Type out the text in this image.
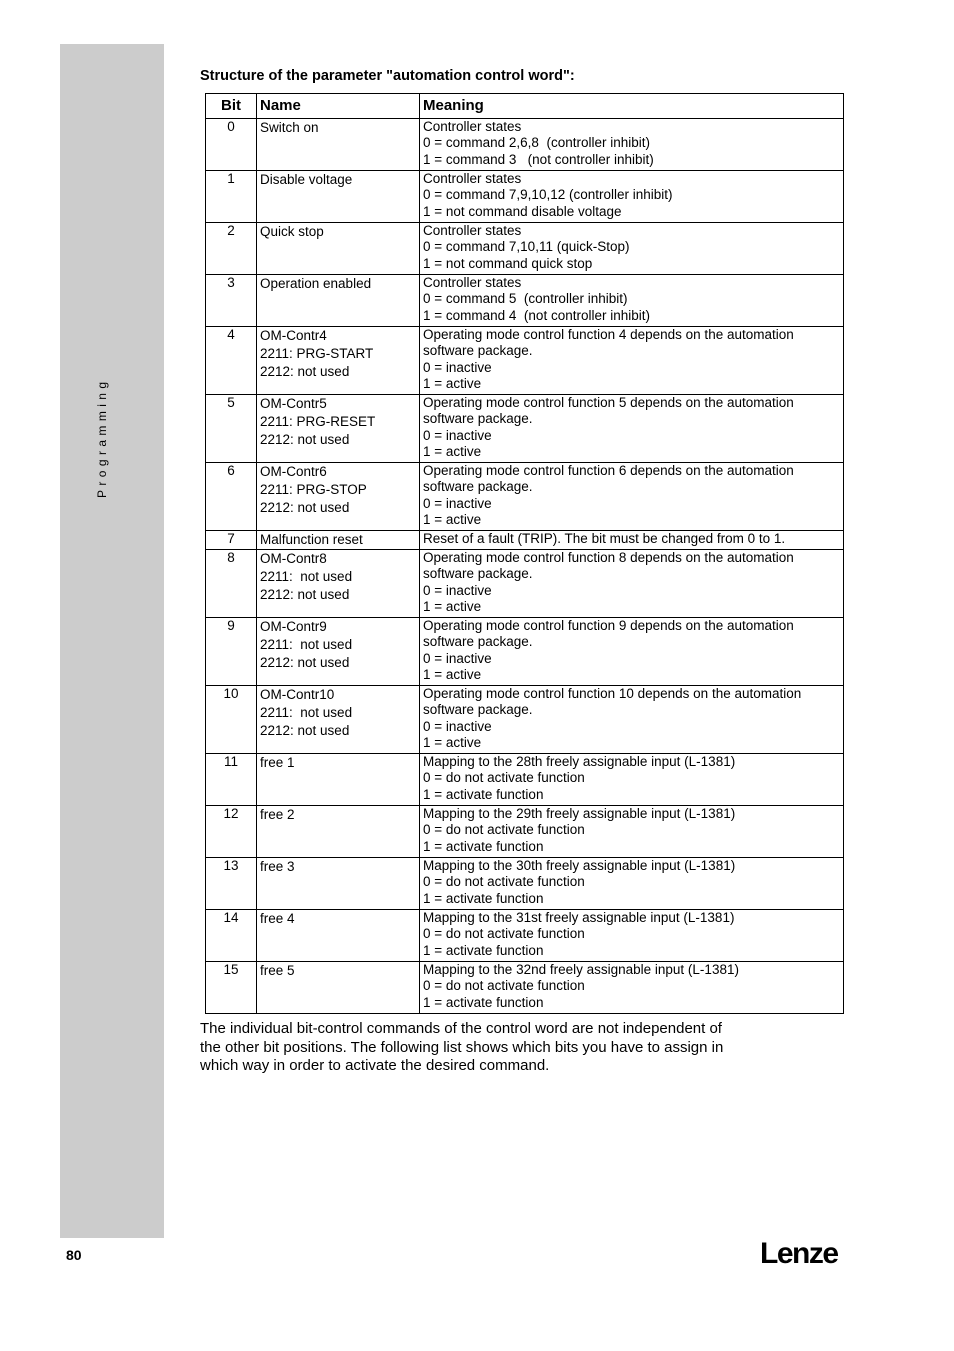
Programming
Structure of the parameter "automation control word":
Bit	Name	Meaning
0	Switch on	Controller states
0 = command 2,6,8  (controller inhibit)
1 = command 3   (not controller inhibit)

1	Disable voltage	Controller states
0 = command 7,9,10,12 (controller inhibit)
1 = not command disable voltage

2	Quick stop	Controller states
0 = command 7,10,11 (quick-Stop)
1 = not command quick stop

3	Operation enabled	Controller states
0 = command 5  (controller inhibit)
1 = command 4  (not controller inhibit)

4	OM-Contr4
2211: PRG-START
2212: not used	Operating mode control function 4 depends on the automation
software package.
0 = inactive
1 = active

5	OM-Contr5
2211: PRG-RESET
2212: not used	Operating mode control function 5 depends on the automation
software package.
0 = inactive
1 = active

6	OM-Contr6
2211: PRG-STOP
2212: not used	Operating mode control function 6 depends on the automation
software package.
0 = inactive
1 = active

7	Malfunction reset	Reset of a fault (TRIP). The bit must be changed from 0 to 1.

8	OM-Contr8
2211:  not used
2212: not used	Operating mode control function 8 depends on the automation
software package.
0 = inactive
1 = active

9	OM-Contr9
2211:  not used
2212: not used	Operating mode control function 9 depends on the automation
software package.
0 = inactive
1 = active

10	OM-Contr10
2211:  not used
2212: not used	Operating mode control function 10 depends on the automation
software package.
0 = inactive
1 = active

11	free 1	Mapping to the 28th freely assignable input (L-1381)
0 = do not activate function
1 = activate function

12	free 2	Mapping to the 29th freely assignable input (L-1381)
0 = do not activate function
1 = activate function

13	free 3	Mapping to the 30th freely assignable input (L-1381)
0 = do not activate function
1 = activate function

14	free 4	Mapping to the 31st freely assignable input (L-1381)
0 = do not activate function
1 = activate function

15	free 5	Mapping to the 32nd freely assignable input (L-1381)
0 = do not activate function
1 = activate function
The individual bit-control commands of the control word are not independent of the other bit positions. The following list shows which bits you have to assign in which way in order to activate the desired command.
80	Lenze
